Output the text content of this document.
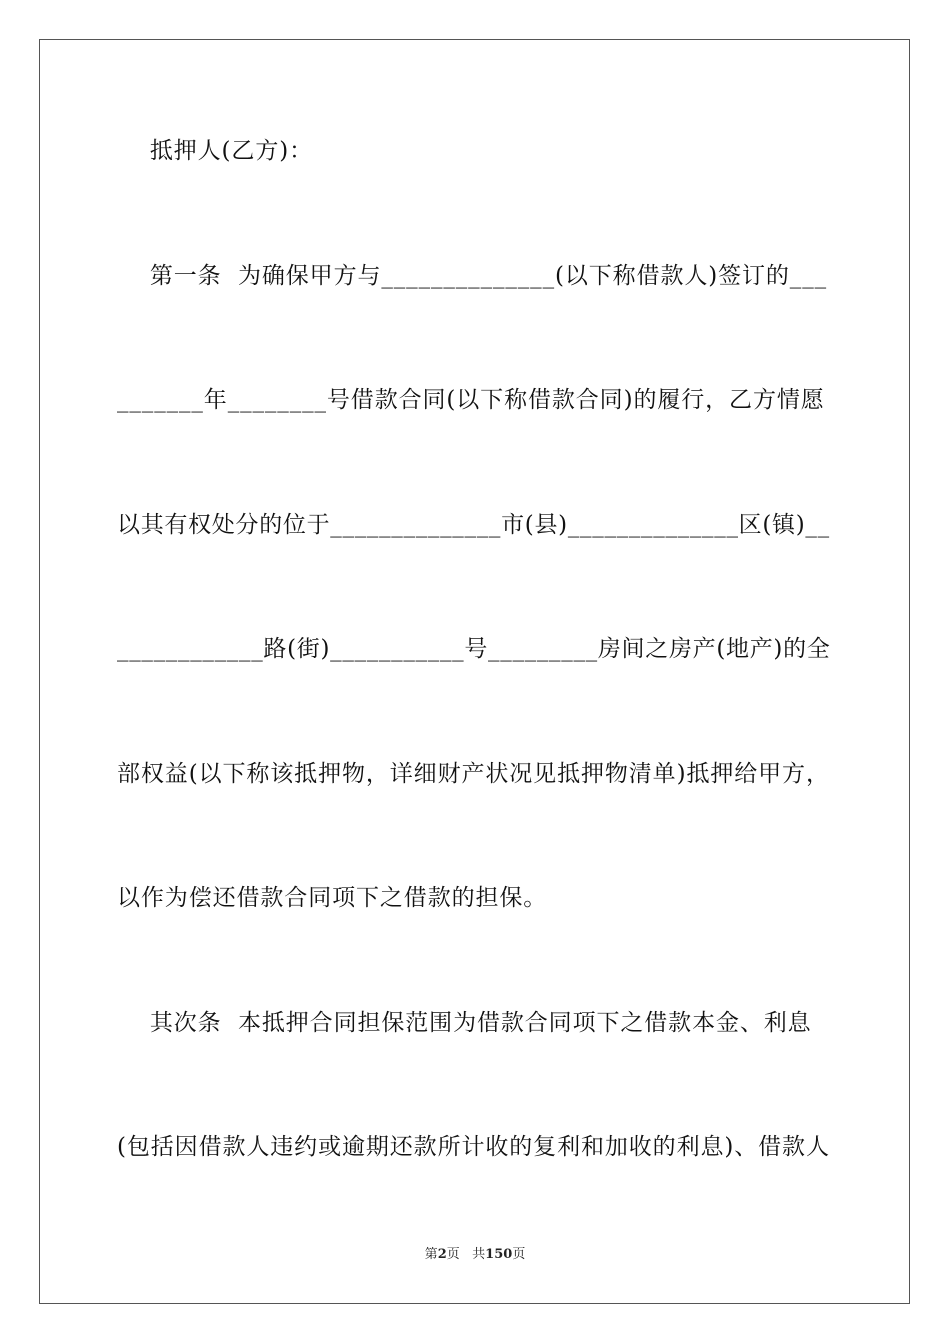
抵押人(乙方)：
第一条  为确保甲方与______________(以下称借款人)签订的___
_______年________号借款合同(以下称借款合同)的履行，乙方情愿
以其有权处分的位于______________市(县)______________区(镇)__
____________路(街)___________号_________房间之房产(地产)的全
部权益(以下称该抵押物，详细财产状况见抵押物清单)抵押给甲方，
以作为偿还借款合同项下之借款的担保。
其次条  本抵押合同担保范围为借款合同项下之借款本金、利息
(包括因借款人违约或逾期还款所计收的复利和加收的利息)、借款人
第2页 共150页
